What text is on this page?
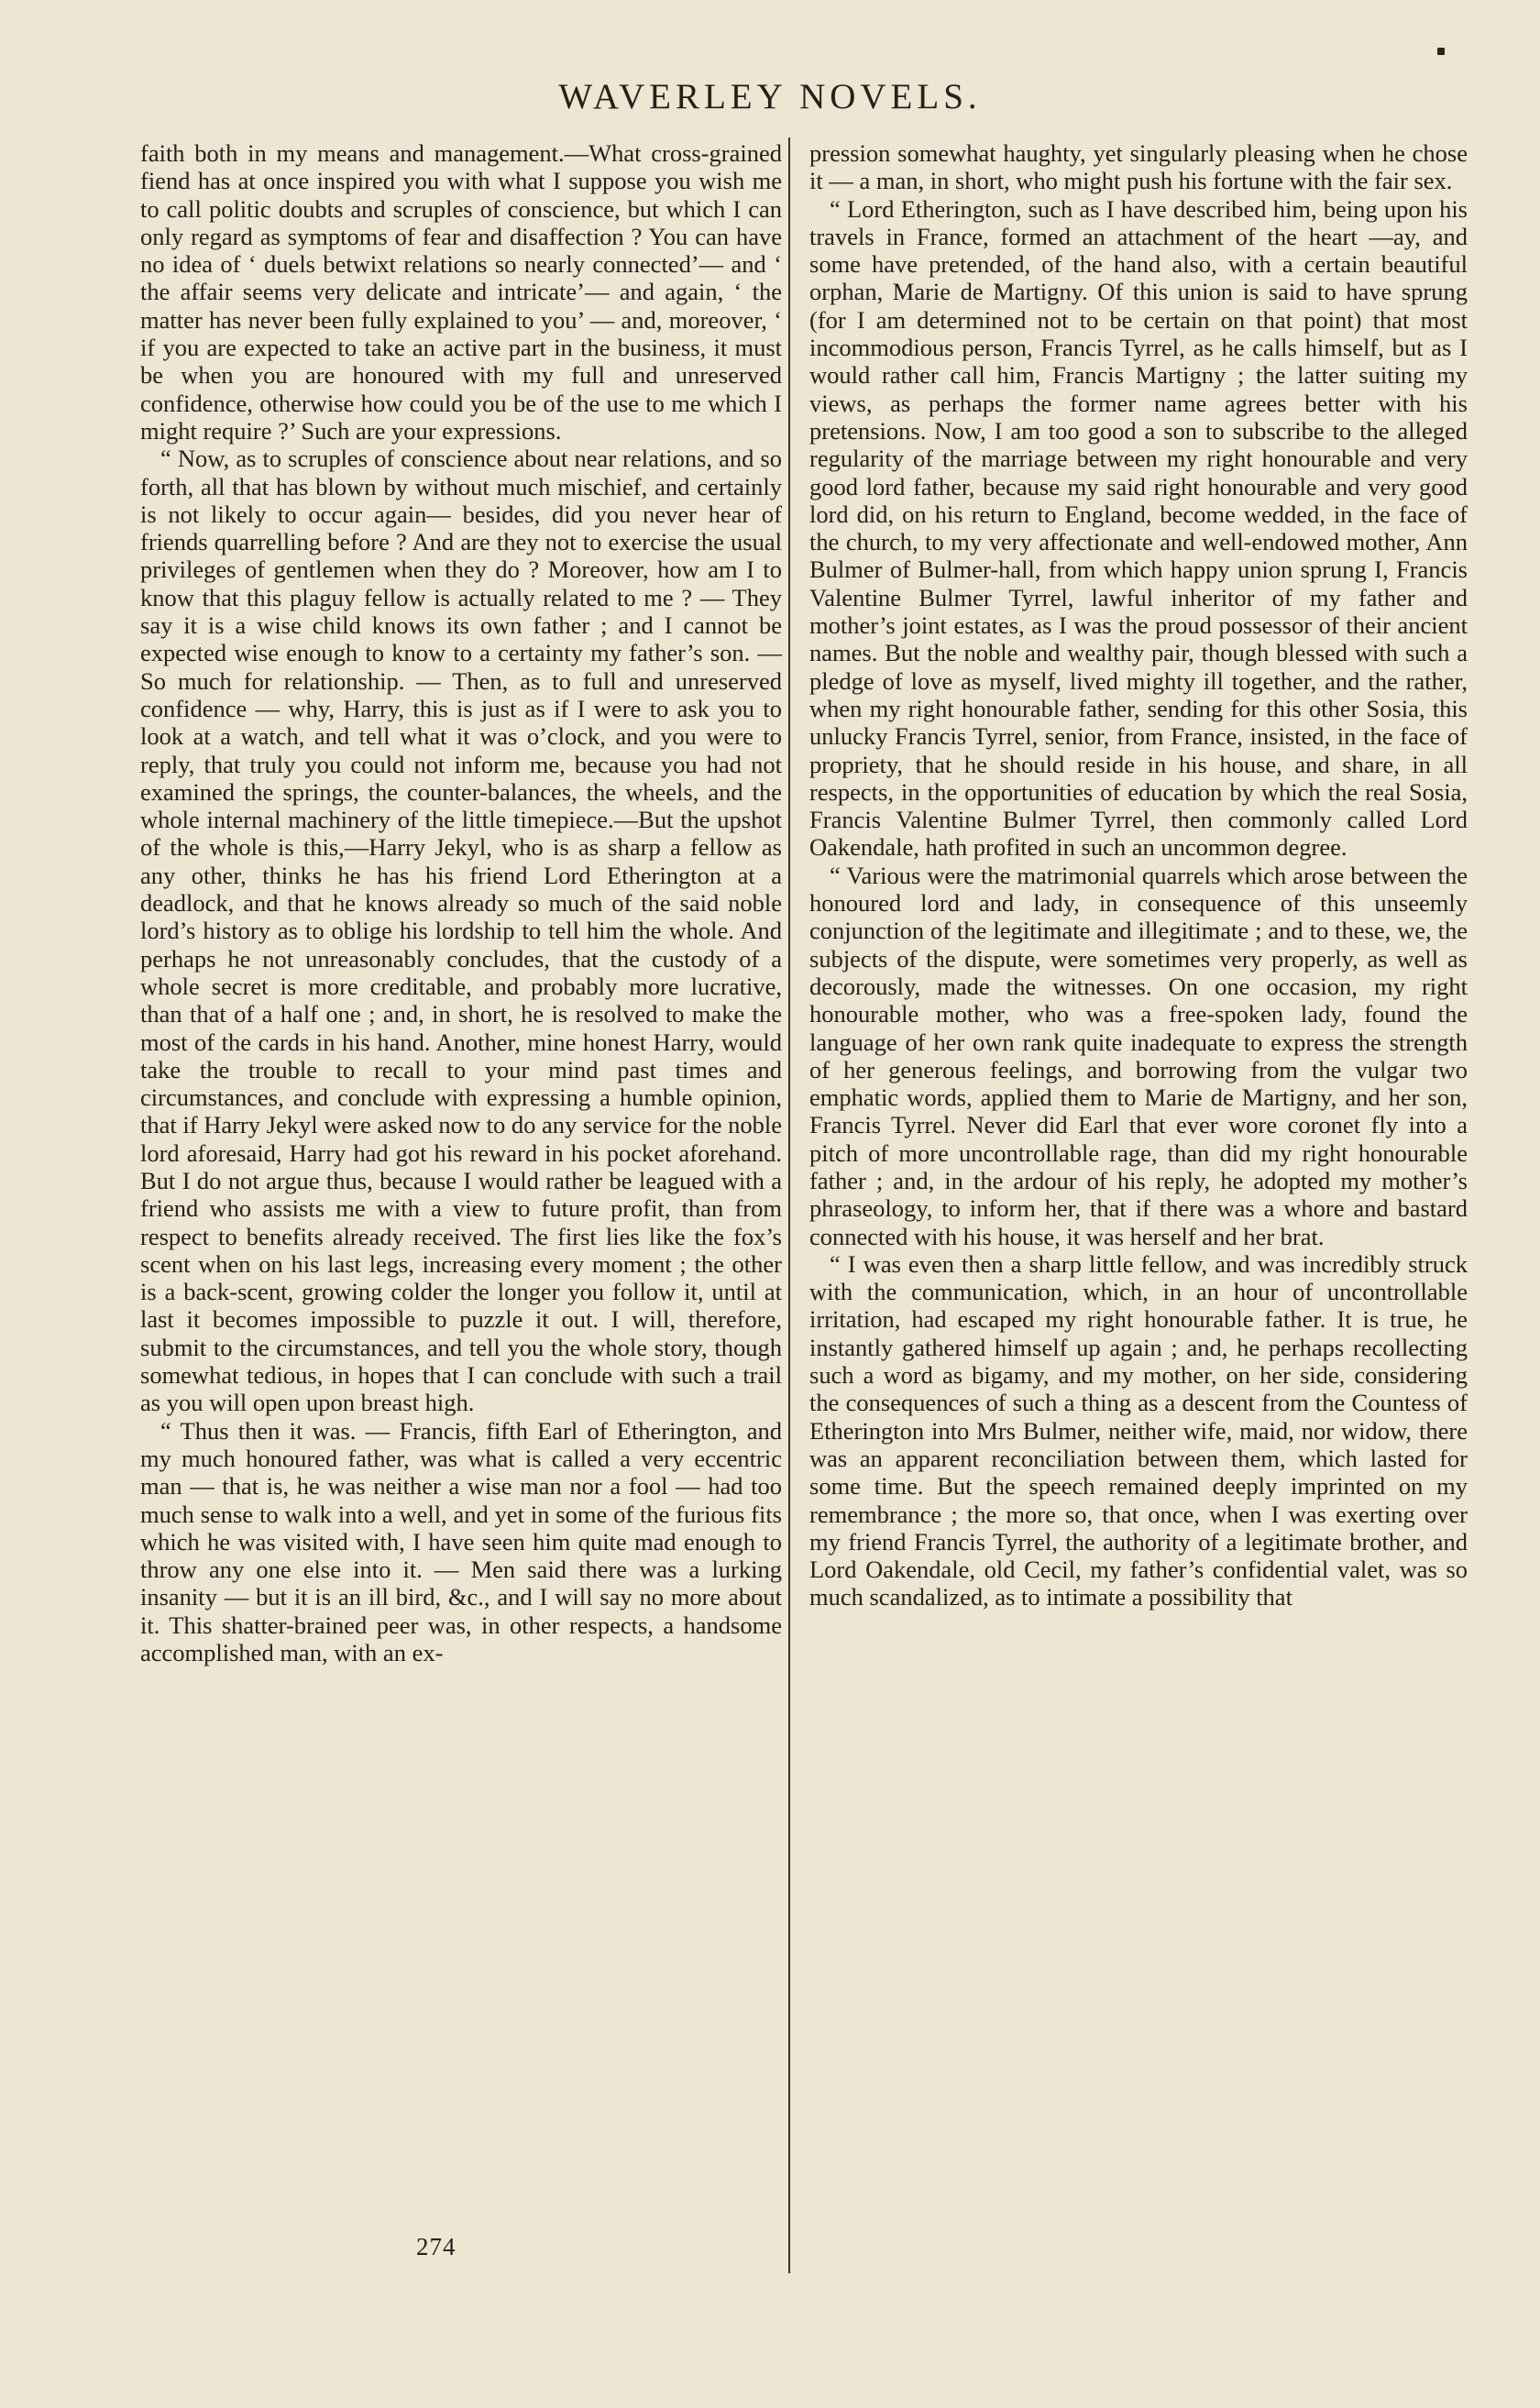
WAVERLEY NOVELS.

faith both in my means and management.—What cross-grained fiend has at once inspired you with what I suppose you wish me to call politic doubts and scruples of conscience, but which I can only regard as symptoms of fear and disaffection ? You can have no idea of ‘ duels betwixt relations so nearly connected’— and ‘ the affair seems very delicate and intricate’— and again, ‘ the matter has never been fully explained to you’ — and, moreover, ‘ if you are expected to take an active part in the business, it must be when you are honoured with my full and unreserved confidence, otherwise how could you be of the use to me which I might require ?’ Such are your expressions.

“ Now, as to scruples of conscience about near relations, and so forth, all that has blown by without much mischief, and certainly is not likely to occur again— besides, did you never hear of friends quarrelling before ? And are they not to exercise the usual privileges of gentlemen when they do ? Moreover, how am I to know that this plaguy fellow is actually related to me ? — They say it is a wise child knows its own father ; and I cannot be expected wise enough to know to a certainty my father’s son. — So much for relationship. — Then, as to full and unreserved confidence — why, Harry, this is just as if I were to ask you to look at a watch, and tell what it was o’clock, and you were to reply, that truly you could not inform me, because you had not examined the springs, the counter-balances, the wheels, and the whole internal machinery of the little timepiece.—But the upshot of the whole is this,—Harry Jekyl, who is as sharp a fellow as any other, thinks he has his friend Lord Etherington at a deadlock, and that he knows already so much of the said noble lord’s history as to oblige his lordship to tell him the whole. And perhaps he not unreasonably concludes, that the custody of a whole secret is more creditable, and probably more lucrative, than that of a half one ; and, in short, he is resolved to make the most of the cards in his hand. Another, mine honest Harry, would take the trouble to recall to your mind past times and circumstances, and conclude with expressing a humble opinion, that if Harry Jekyl were asked now to do any service for the noble lord aforesaid, Harry had got his reward in his pocket aforehand. But I do not argue thus, because I would rather be leagued with a friend who assists me with a view to future profit, than from respect to benefits already received. The first lies like the fox’s scent when on his last legs, increasing every moment ; the other is a back-scent, growing colder the longer you follow it, until at last it becomes impossible to puzzle it out. I will, therefore, submit to the circumstances, and tell you the whole story, though somewhat tedious, in hopes that I can conclude with such a trail as you will open upon breast high.

“ Thus then it was. — Francis, fifth Earl of Etherington, and my much honoured father, was what is called a very eccentric man — that is, he was neither a wise man nor a fool — had too much sense to walk into a well, and yet in some of the furious fits which he was visited with, I have seen him quite mad enough to throw any one else into it. — Men said there was a lurking insanity — but it is an ill bird, &c., and I will say no more about it. This shatter-brained peer was, in other respects, a handsome accomplished man, with an ex-

pression somewhat haughty, yet singularly pleasing when he chose it — a man, in short, who might push his fortune with the fair sex.

“ Lord Etherington, such as I have described him, being upon his travels in France, formed an attachment of the heart —ay, and some have pretended, of the hand also, with a certain beautiful orphan, Marie de Martigny. Of this union is said to have sprung (for I am determined not to be certain on that point) that most incommodious person, Francis Tyrrel, as he calls himself, but as I would rather call him, Francis Martigny ; the latter suiting my views, as perhaps the former name agrees better with his pretensions. Now, I am too good a son to subscribe to the alleged regularity of the marriage between my right honourable and very good lord father, because my said right honourable and very good lord did, on his return to England, become wedded, in the face of the church, to my very affectionate and well-endowed mother, Ann Bulmer of Bulmer-hall, from which happy union sprung I, Francis Valentine Bulmer Tyrrel, lawful inheritor of my father and mother’s joint estates, as I was the proud possessor of their ancient names. But the noble and wealthy pair, though blessed with such a pledge of love as myself, lived mighty ill together, and the rather, when my right honourable father, sending for this other Sosia, this unlucky Francis Tyrrel, senior, from France, insisted, in the face of propriety, that he should reside in his house, and share, in all respects, in the opportunities of education by which the real Sosia, Francis Valentine Bulmer Tyrrel, then commonly called Lord Oakendale, hath profited in such an uncommon degree.

“ Various were the matrimonial quarrels which arose between the honoured lord and lady, in consequence of this unseemly conjunction of the legitimate and illegitimate ; and to these, we, the subjects of the dispute, were sometimes very properly, as well as decorously, made the witnesses. On one occasion, my right honourable mother, who was a free-spoken lady, found the language of her own rank quite inadequate to express the strength of her generous feelings, and borrowing from the vulgar two emphatic words, applied them to Marie de Martigny, and her son, Francis Tyrrel. Never did Earl that ever wore coronet fly into a pitch of more uncontrollable rage, than did my right honourable father ; and, in the ardour of his reply, he adopted my mother’s phraseology, to inform her, that if there was a whore and bastard connected with his house, it was herself and her brat.

“ I was even then a sharp little fellow, and was incredibly struck with the communication, which, in an hour of uncontrollable irritation, had escaped my right honourable father. It is true, he instantly gathered himself up again ; and, he perhaps recollecting such a word as bigamy, and my mother, on her side, considering the consequences of such a thing as a descent from the Countess of Etherington into Mrs Bulmer, neither wife, maid, nor widow, there was an apparent reconciliation between them, which lasted for some time. But the speech remained deeply imprinted on my remembrance ; the more so, that once, when I was exerting over my friend Francis Tyrrel, the authority of a legitimate brother, and Lord Oakendale, old Cecil, my father’s confidential valet, was so much scandalized, as to intimate a possibility that

274
